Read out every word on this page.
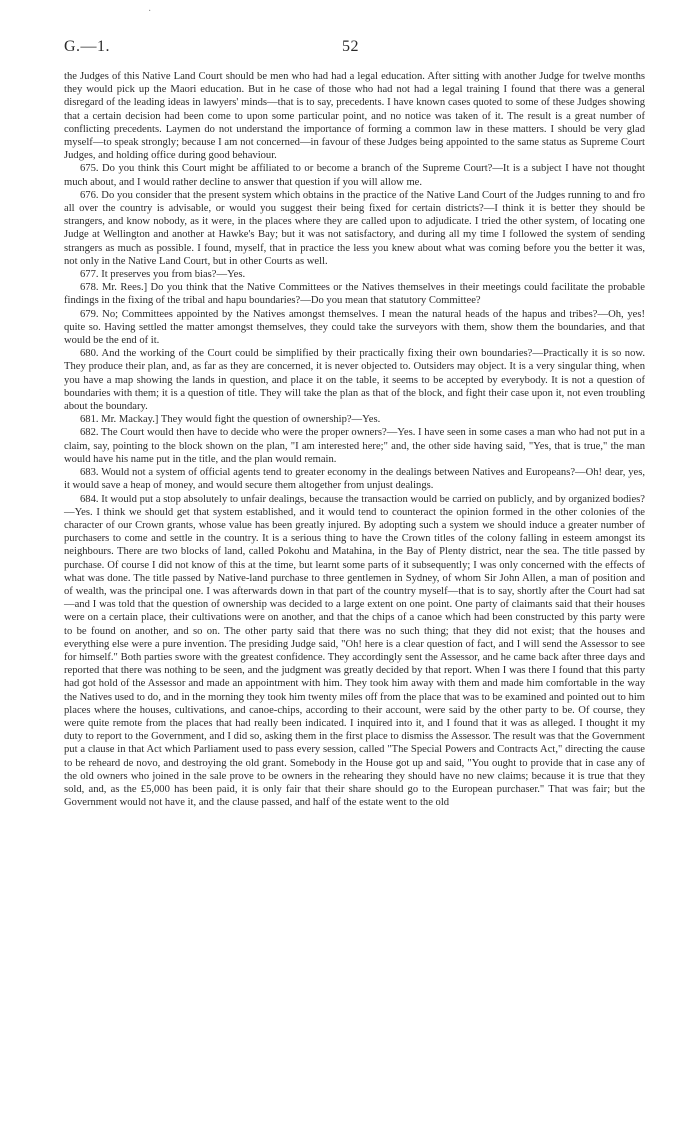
·
G.—1.	52

the Judges of this Native Land Court should be men who had had a legal education. After sitting with another Judge for twelve months they would pick up the Maori education. But in he case of those who had not had a legal training I found that there was a general disregard of the leading ideas in lawyers' minds—that is to say, precedents. I have known cases quoted to some of these Judges showing that a certain decision had been come to upon some particular point, and no notice was taken of it. The result is a great number of conflicting precedents. Laymen do not understand the importance of forming a common law in these matters. I should be very glad myself—to speak strongly; because I am not concerned—in favour of these Judges being appointed to the same status as Supreme Court Judges, and holding office during good behaviour.

675. Do you think this Court might be affiliated to or become a branch of the Supreme Court?—It is a subject I have not thought much about, and I would rather decline to answer that question if you will allow me.

676. Do you consider that the present system which obtains in the practice of the Native Land Court of the Judges running to and fro all over the country is advisable, or would you suggest their being fixed for certain districts?—I think it is better they should be strangers, and know nobody, as it were, in the places where they are called upon to adjudicate. I tried the other system, of locating one Judge at Wellington and another at Hawke's Bay; but it was not satisfactory, and during all my time I followed the system of sending strangers as much as possible. I found, myself, that in practice the less you knew about what was coming before you the better it was, not only in the Native Land Court, but in other Courts as well.

677. It preserves you from bias?—Yes.

678. Mr. Rees.] Do you think that the Native Committees or the Natives themselves in their meetings could facilitate the probable findings in the fixing of the tribal and hapu boundaries?—Do you mean that statutory Committee?

679. No; Committees appointed by the Natives amongst themselves. I mean the natural heads of the hapus and tribes?—Oh, yes! quite so. Having settled the matter amongst themselves, they could take the surveyors with them, show them the boundaries, and that would be the end of it.

680. And the working of the Court could be simplified by their practically fixing their own boundaries?—Practically it is so now. They produce their plan, and, as far as they are concerned, it is never objected to. Outsiders may object. It is a very singular thing, when you have a map showing the lands in question, and place it on the table, it seems to be accepted by everybody. It is not a question of boundaries with them; it is a question of title. They will take the plan as that of the block, and fight their case upon it, not even troubling about the boundary.

681. Mr. Mackay.] They would fight the question of ownership?—Yes.

682. The Court would then have to decide who were the proper owners?—Yes. I have seen in some cases a man who had not put in a claim, say, pointing to the block shown on the plan, "I am interested here;" and, the other side having said, "Yes, that is true," the man would have his name put in the title, and the plan would remain.

683. Would not a system of official agents tend to greater economy in the dealings between Natives and Europeans?—Oh! dear, yes, it would save a heap of money, and would secure them altogether from unjust dealings.

684. It would put a stop absolutely to unfair dealings, because the transaction would be carried on publicly, and by organized bodies?—Yes. I think we should get that system established, and it would tend to counteract the opinion formed in the other colonies of the character of our Crown grants, whose value has been greatly injured. By adopting such a system we should induce a greater number of purchasers to come and settle in the country. It is a serious thing to have the Crown titles of the colony falling in esteem amongst its neighbours. There are two blocks of land, called Pokohu and Matahina, in the Bay of Plenty district, near the sea. The title passed by purchase. Of course I did not know of this at the time, but learnt some parts of it subsequently; I was only concerned with the effects of what was done. The title passed by Native-land purchase to three gentlemen in Sydney, of whom Sir John Allen, a man of position and of wealth, was the principal one. I was afterwards down in that part of the country myself—that is to say, shortly after the Court had sat—and I was told that the question of ownership was decided to a large extent on one point. One party of claimants said that their houses were on a certain place, their cultivations were on another, and that the chips of a canoe which had been constructed by this party were to be found on another, and so on. The other party said that there was no such thing; that they did not exist; that the houses and everything else were a pure invention. The presiding Judge said, "Oh! here is a clear question of fact, and I will send the Assessor to see for himself." Both parties swore with the greatest confidence. They accordingly sent the Assessor, and he came back after three days and reported that there was nothing to be seen, and the judgment was greatly decided by that report. When I was there I found that this party had got hold of the Assessor and made an appointment with him. They took him away with them and made him comfortable in the way the Natives used to do, and in the morning they took him twenty miles off from the place that was to be examined and pointed out to him places where the houses, cultivations, and canoe-chips, according to their account, were said by the other party to be. Of course, they were quite remote from the places that had really been indicated. I inquired into it, and I found that it was as alleged. I thought it my duty to report to the Government, and I did so, asking them in the first place to dismiss the Assessor. The result was that the Government put a clause in that Act which Parliament used to pass every session, called "The Special Powers and Contracts Act," directing the cause to be reheard de novo, and destroying the old grant. Somebody in the House got up and said, "You ought to provide that in case any of the old owners who joined in the sale prove to be owners in the rehearing they should have no new claims; because it is true that they sold, and, as the £5,000 has been paid, it is only fair that their share should go to the European purchaser." That was fair; but the Government would not have it, and the clause passed, and half of the estate went to the old
